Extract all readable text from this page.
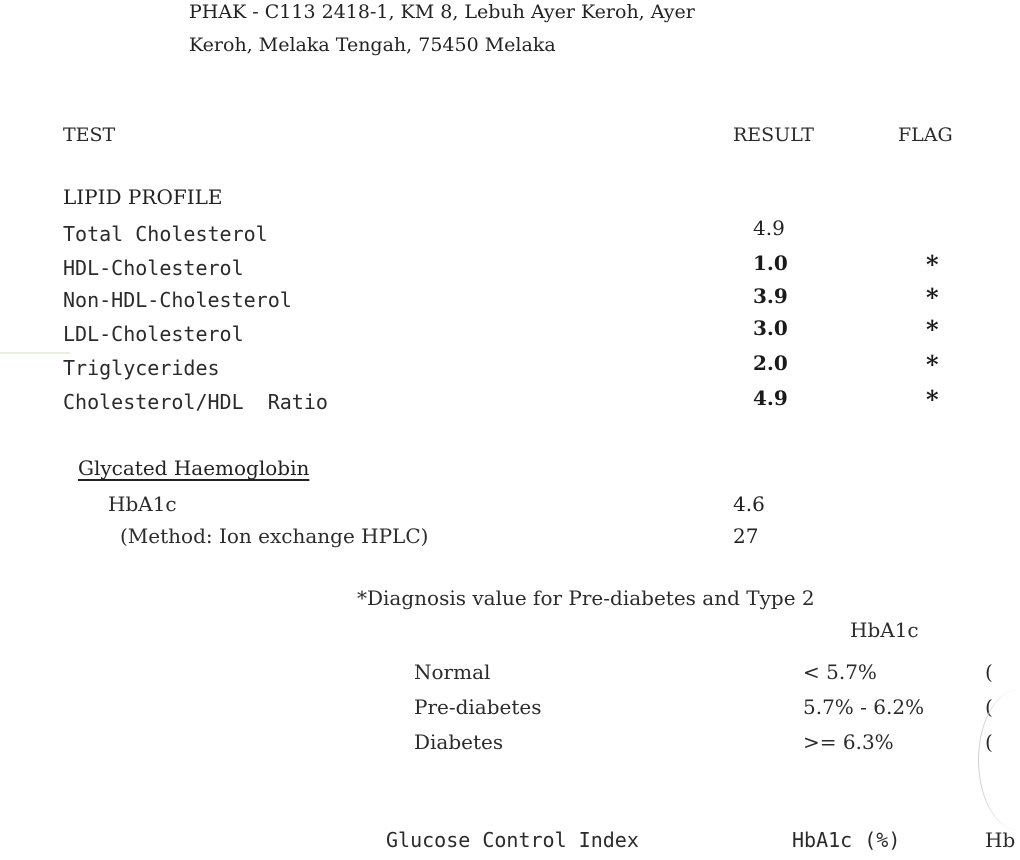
PHAK - C113 2418-1, KM 8, Lebuh Ayer Keroh, Ayer
Keroh, Melaka Tengah, 75450 Melaka
TEST	RESULT	FLAG
LIPID PROFILE
Total Cholesterol	4.9
HDL-Cholesterol	1.0	*
Non-HDL-Cholesterol	3.9	*
LDL-Cholesterol	3.0	*
Triglycerides	2.0	*
Cholesterol/HDL  Ratio	4.9	*
Glycated Haemoglobin
HbA1c	4.6
(Method: Ion exchange HPLC)	27
*Diagnosis value for Pre-diabetes and Type 2
HbA1c
Normal	< 5.7%	(
Pre-diabetes	5.7% - 6.2%	(
Diabetes	>= 6.3%	(
Glucose Control Index	HbA1c (%)	Hb
